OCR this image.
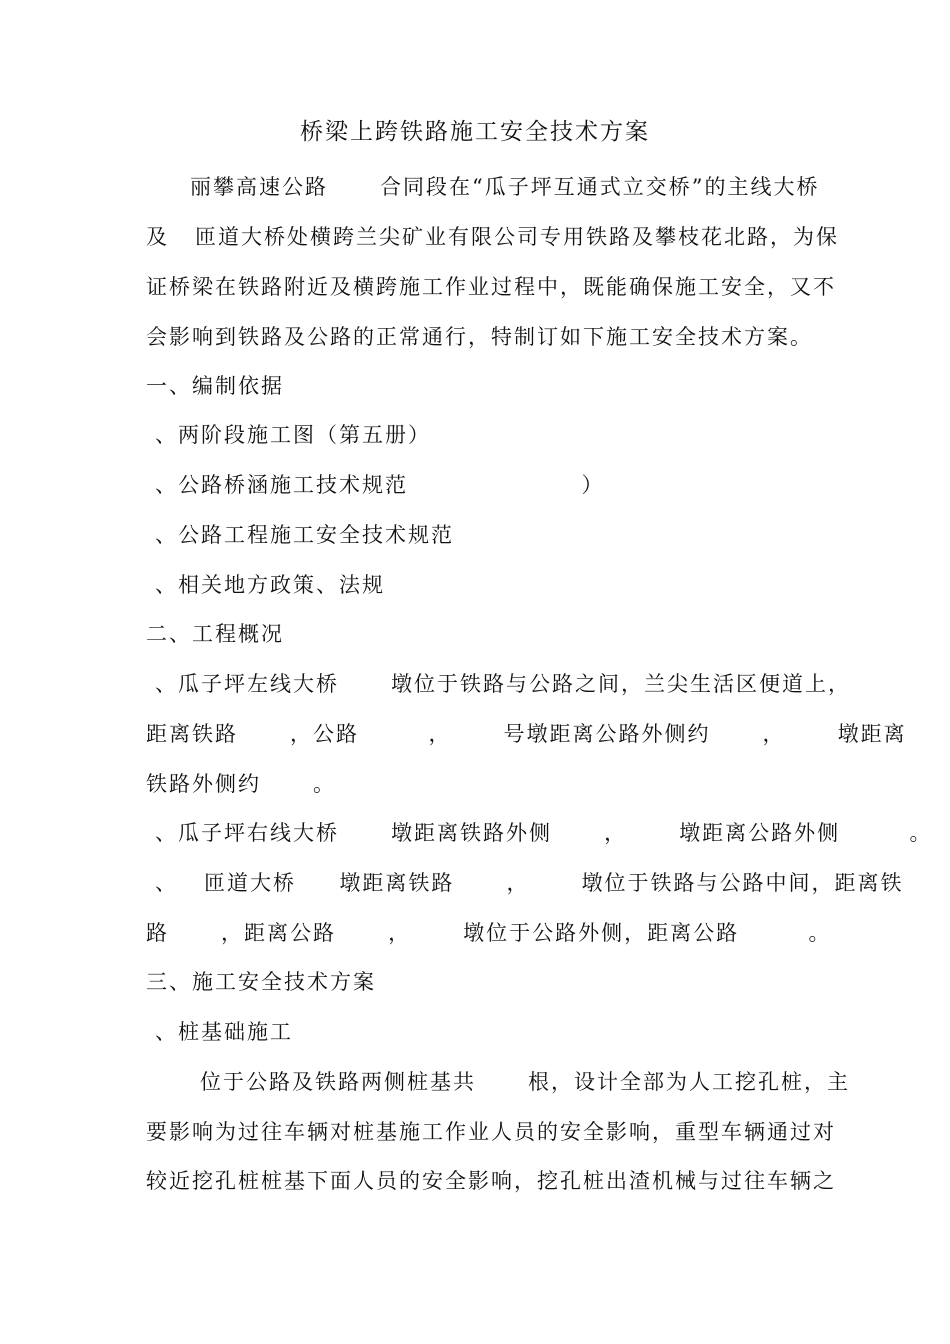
桥梁上跨铁路施工安全技术方案
丽攀高速公路      合同段在“瓜子坪互通式立交桥”的主线大桥
及   匝道大桥处横跨兰尖矿业有限公司专用铁路及攀枝花北路，为保
证桥梁在铁路附近及横跨施工作业过程中，既能确保施工安全，又不
会影响到铁路及公路的正常通行，特制订如下施工安全技术方案。
一、编制依据
、两阶段施工图（第五册）
、公路桥涵施工技术规范                    ）
、公路工程施工安全技术规范
、相关地方政策、法规
二、工程概况
、瓜子坪左线大桥      墩位于铁路与公路之间，兰尖生活区便道上，
距离铁路      ，公路        ，      号墩距离公路外侧约      ，      墩距离
铁路外侧约      。
、瓜子坪右线大桥      墩距离铁路外侧      ，      墩距离公路外侧        。
、   匝道大桥     墩距离铁路      ，      墩位于铁路与公路中间，距离铁
路      ，距离公路      ，      墩位于公路外侧，距离公路        。
三、施工安全技术方案
、桩基础施工
位于公路及铁路两侧桩基共      根，设计全部为人工挖孔桩，主
要影响为过往车辆对桩基施工作业人员的安全影响，重型车辆通过对
较近挖孔桩桩基下面人员的安全影响，挖孔桩出渣机械与过往车辆之
